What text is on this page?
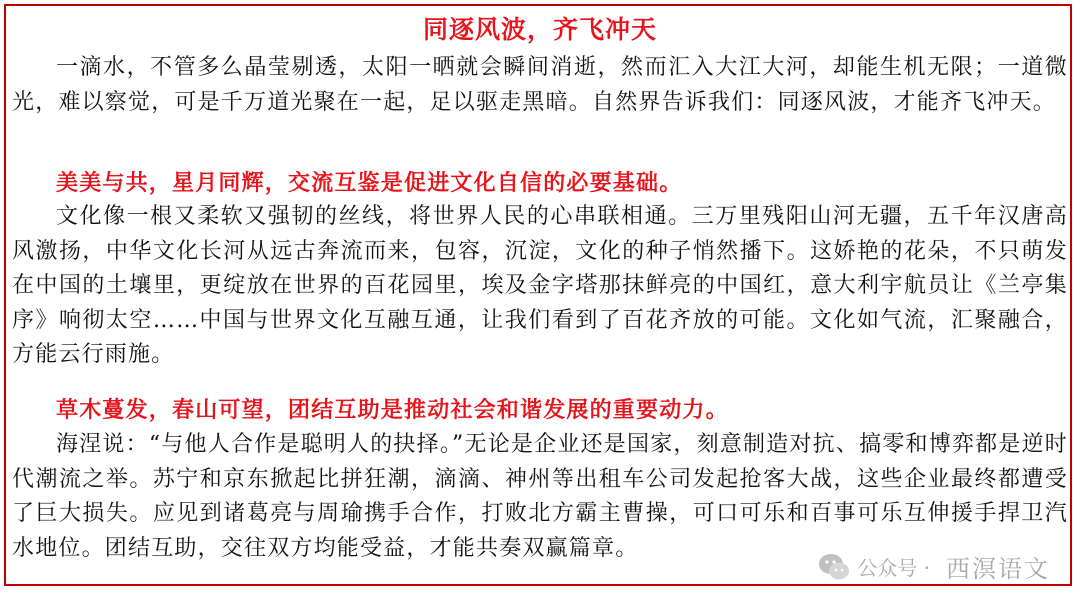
同逐风波，齐飞冲天

一滴水，不管多么晶莹剔透，太阳一晒就会瞬间消逝，然而汇入大江大河，却能生机无限；一道微光，难以察觉，可是千万道光聚在一起，足以驱走黑暗。自然界告诉我们：同逐风波，才能齐飞冲天。

美美与共，星月同辉，交流互鉴是促进文化自信的必要基础。

文化像一根又柔软又强韧的丝线，将世界人民的心串联相通。三万里残阳山河无疆，五千年汉唐高风激扬，中华文化长河从远古奔流而来，包容，沉淀，文化的种子悄然播下。这娇艳的花朵，不只萌发在中国的土壤里，更绽放在世界的百花园里，埃及金字塔那抹鲜亮的中国红，意大利宇航员让《兰亭集序》响彻太空……中国与世界文化互融互通，让我们看到了百花齐放的可能。文化如气流，汇聚融合，方能云行雨施。

草木蔓发，春山可望，团结互助是推动社会和谐发展的重要动力。

海涅说：“与他人合作是聪明人的抉择。”无论是企业还是国家，刻意制造对抗、搞零和博弈都是逆时代潮流之举。苏宁和京东掀起比拼狂潮，滴滴、神州等出租车公司发起抢客大战，这些企业最终都遭受了巨大损失。应见到诸葛亮与周瑜携手合作，打败北方霸主曹操，可口可乐和百事可乐互伸援手捍卫汽水地位。团结互助，交往双方均能受益，才能共奏双赢篇章。

公众号 · 西溟语文
